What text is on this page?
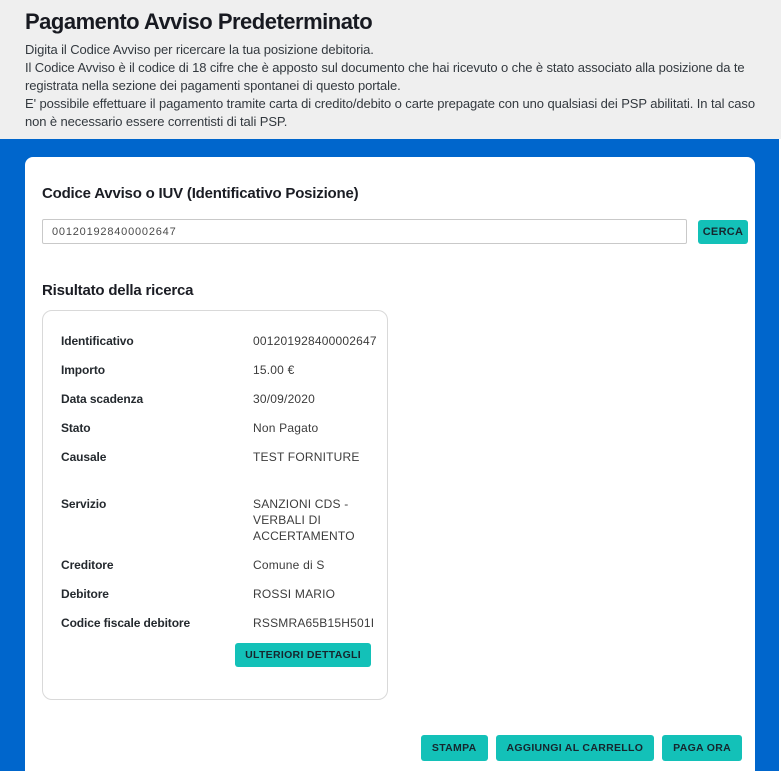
Pagamento Avviso Predeterminato

Digita il Codice Avviso per ricercare la tua posizione debitoria.

Il Codice Avviso è il codice di 18 cifre che è apposto sul documento che hai ricevuto o che è stato associato alla posizione da te registrata nella sezione dei pagamenti spontanei di questo portale.

E' possibile effettuare il pagamento tramite carta di credito/debito o carte prepagate con uno qualsiasi dei PSP abilitati. In tal caso non è necessario essere correntisti di tali PSP.

Codice Avviso o IUV (Identificativo Posizione)
001201928400002647
CERCA
Risultato della ricerca
Identificativo	001201928400002647
Importo	15.00 €
Data scadenza	30/09/2020
Stato	Non Pagato
Causale	TEST FORNITURE
Servizio	SANZIONI CDS - VERBALI DI ACCERTAMENTO
Creditore	Comune di S
Debitore	ROSSI MARIO
Codice fiscale debitore	RSSMRA65B15H501I
ULTERIORI DETTAGLI
STAMPA	AGGIUNGI AL CARRELLO	PAGA ORA
